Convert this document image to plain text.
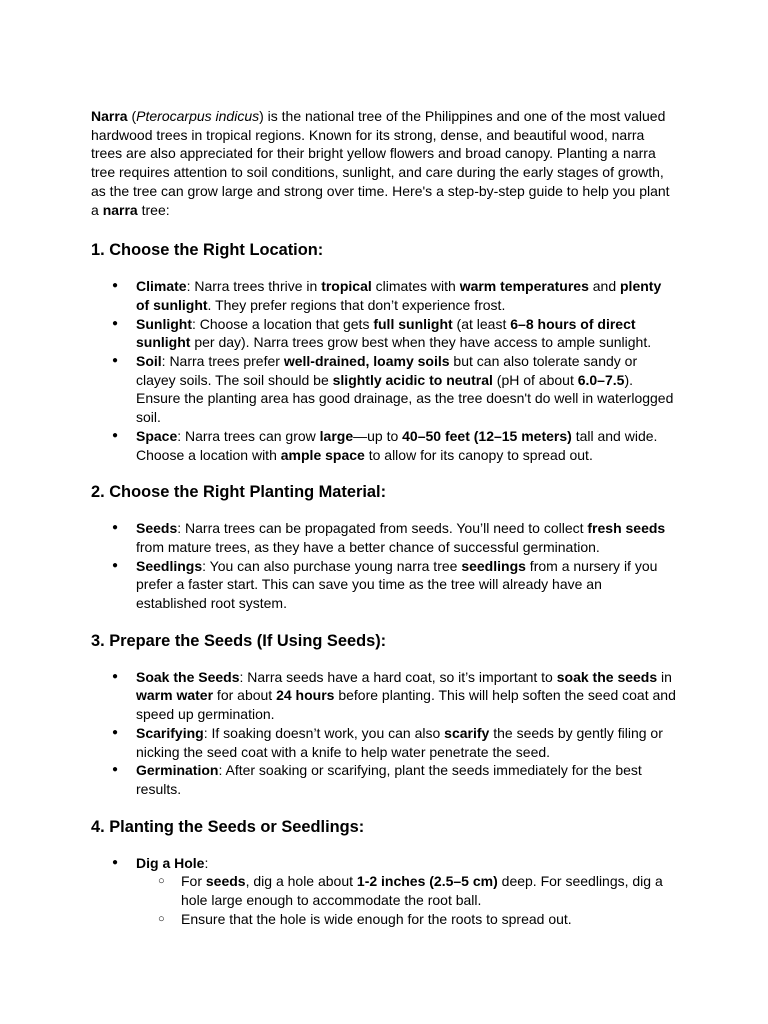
Narra (Pterocarpus indicus) is the national tree of the Philippines and one of the most valued hardwood trees in tropical regions. Known for its strong, dense, and beautiful wood, narra trees are also appreciated for their bright yellow flowers and broad canopy. Planting a narra tree requires attention to soil conditions, sunlight, and care during the early stages of growth, as the tree can grow large and strong over time. Here's a step-by-step guide to help you plant a narra tree:

1. Choose the Right Location:
● Climate: Narra trees thrive in tropical climates with warm temperatures and plenty of sunlight. They prefer regions that don’t experience frost.
● Sunlight: Choose a location that gets full sunlight (at least 6–8 hours of direct sunlight per day). Narra trees grow best when they have access to ample sunlight.
● Soil: Narra trees prefer well-drained, loamy soils but can also tolerate sandy or clayey soils. The soil should be slightly acidic to neutral (pH of about 6.0–7.5). Ensure the planting area has good drainage, as the tree doesn't do well in waterlogged soil.
● Space: Narra trees can grow large—up to 40–50 feet (12–15 meters) tall and wide. Choose a location with ample space to allow for its canopy to spread out.
2. Choose the Right Planting Material:
● Seeds: Narra trees can be propagated from seeds. You’ll need to collect fresh seeds from mature trees, as they have a better chance of successful germination.
● Seedlings: You can also purchase young narra tree seedlings from a nursery if you prefer a faster start. This can save you time as the tree will already have an established root system.
3. Prepare the Seeds (If Using Seeds):
● Soak the Seeds: Narra seeds have a hard coat, so it’s important to soak the seeds in warm water for about 24 hours before planting. This will help soften the seed coat and speed up germination.
● Scarifying: If soaking doesn’t work, you can also scarify the seeds by gently filing or nicking the seed coat with a knife to help water penetrate the seed.
● Germination: After soaking or scarifying, plant the seeds immediately for the best results.
4. Planting the Seeds or Seedlings:
● Dig a Hole:
○ For seeds, dig a hole about 1-2 inches (2.5–5 cm) deep. For seedlings, dig a hole large enough to accommodate the root ball.
○ Ensure that the hole is wide enough for the roots to spread out.
